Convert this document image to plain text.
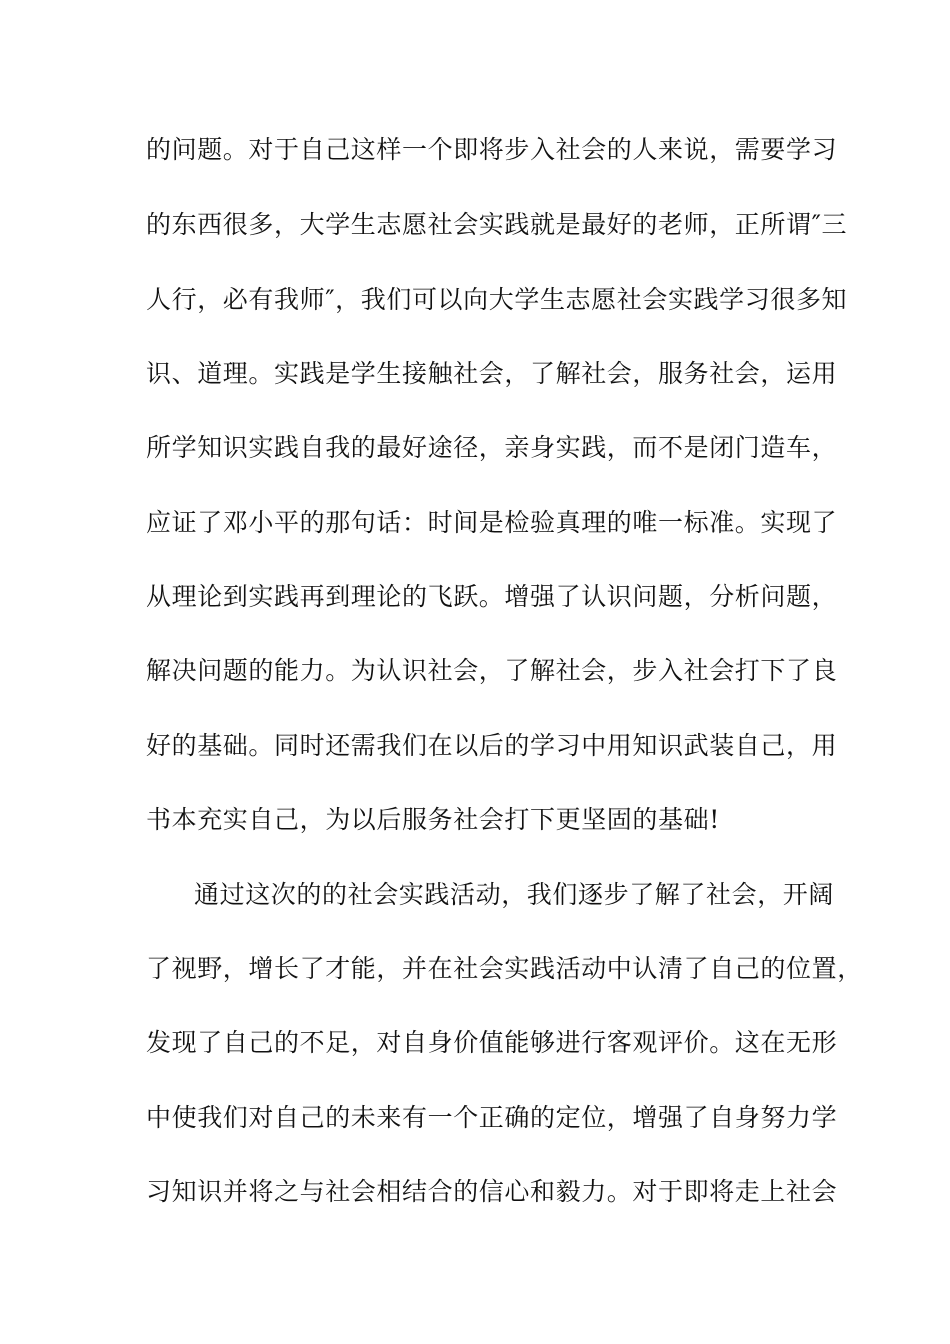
的问题。对于自己这样一个即将步入社会的人来说，需要学习
的东西很多，大学生志愿社会实践就是最好的老师，正所谓″三
人行，必有我师″，我们可以向大学生志愿社会实践学习很多知
识、道理。实践是学生接触社会，了解社会，服务社会，运用
所学知识实践自我的最好途径，亲身实践，而不是闭门造车，
应证了邓小平的那句话：时间是检验真理的唯一标准。实现了
从理论到实践再到理论的飞跃。增强了认识问题，分析问题，
解决问题的能力。为认识社会，了解社会，步入社会打下了良
好的基础。同时还需我们在以后的学习中用知识武装自己，用
书本充实自己，为以后服务社会打下更坚固的基础!
通过这次的的社会实践活动，我们逐步了解了社会，开阔
了视野，增长了才能，并在社会实践活动中认清了自己的位置，
发现了自己的不足，对自身价值能够进行客观评价。这在无形
中使我们对自己的未来有一个正确的定位，增强了自身努力学
习知识并将之与社会相结合的信心和毅力。对于即将走上社会
